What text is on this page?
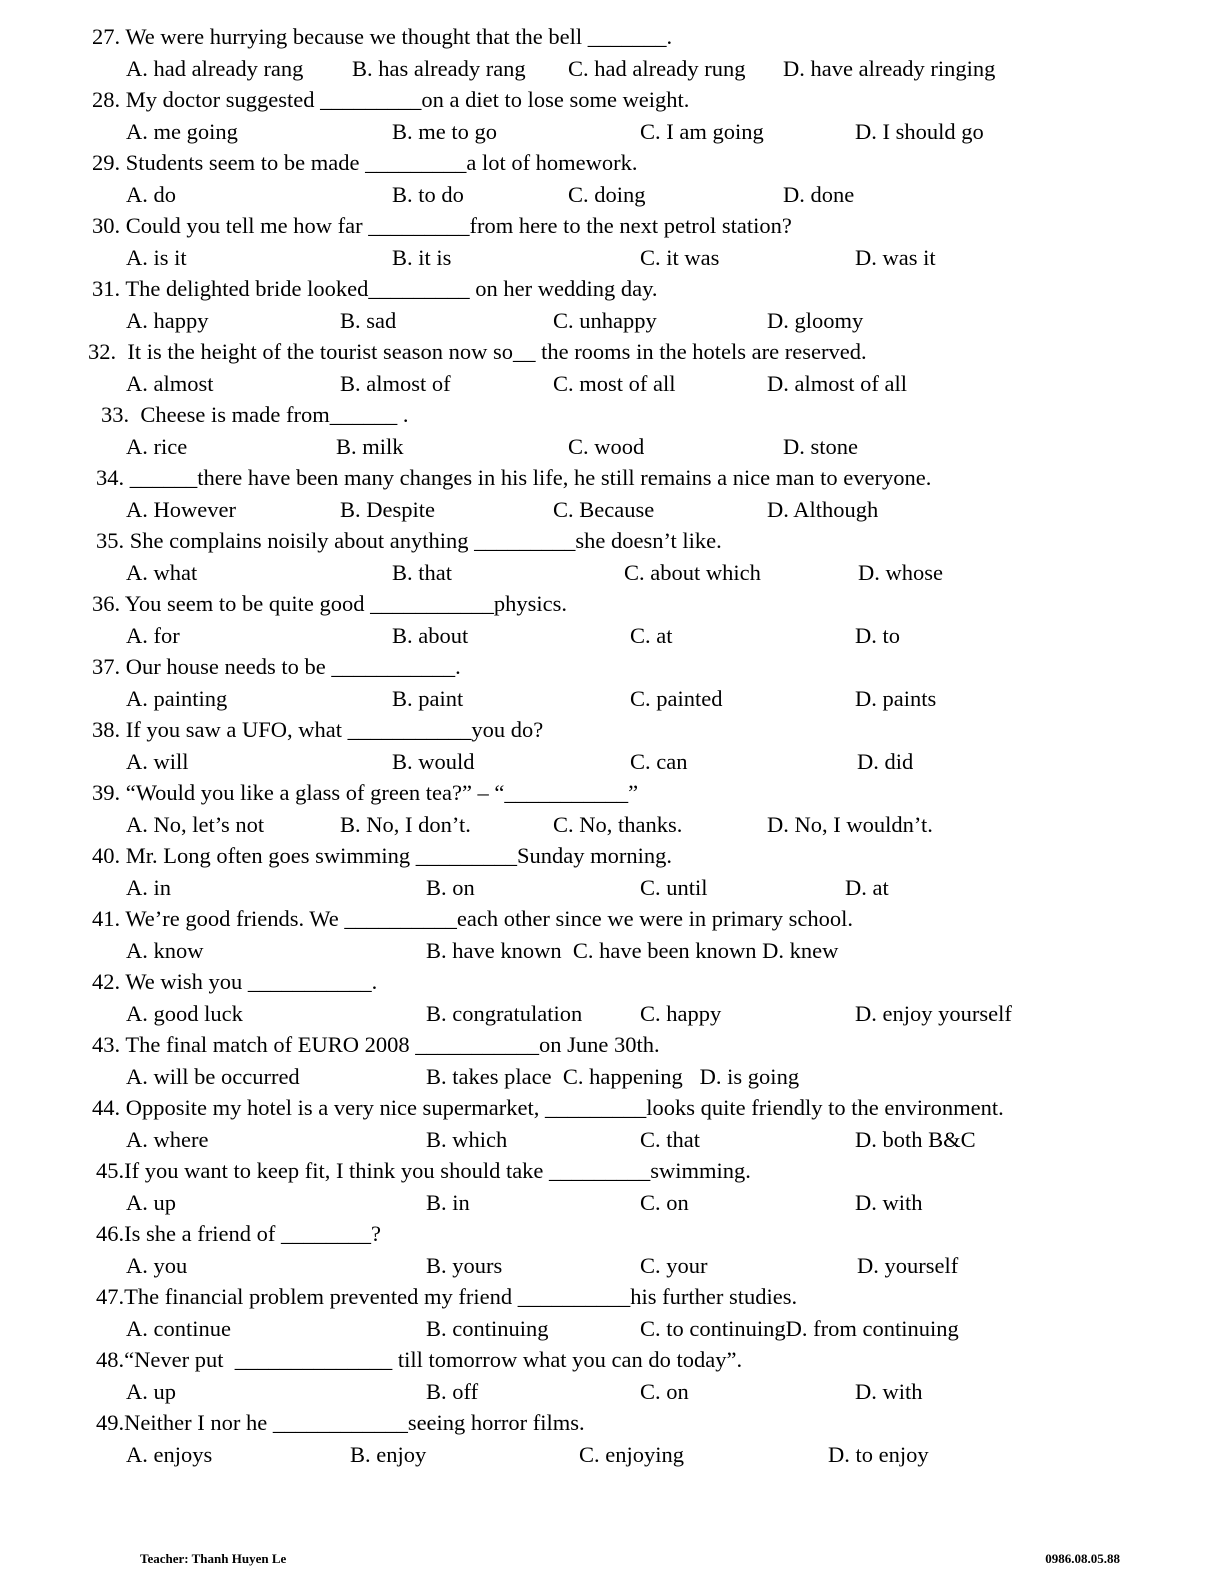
27. We were hurrying because we thought that the bell _______.
A. had already rang B. has already rang C. had already rung D. have already ringing
28. My doctor suggested _________on a diet to lose some weight.
A. me going	B. me to go	C. I am going	D. I should go
29. Students seem to be made _________a lot of homework.
A. do	B. to do	C. doing	D. done
30. Could you tell me how far _________from here to the next petrol station?
A. is it	B. it is	C. it was	D. was it
31. The delighted bride looked_________ on her wedding day.
A. happy	B. sad	C. unhappy	D. gloomy
32.  It is the height of the tourist season now so__ the rooms in the hotels are reserved.
A. almost	B. almost of	C. most of all	D. almost of all
33.  Cheese is made from______ .
A. rice	B. milk	C. wood	D. stone
34. ______there have been many changes in his life, he still remains a nice man to everyone.
A. However	B. Despite	C. Because	D. Although
35. She complains noisily about anything _________she doesn’t like.
A. what	B. that	C. about which	D. whose
36. You seem to be quite good ___________physics.
A. for	B. about	C. at	D. to
37. Our house needs to be ___________.
A. painting	B. paint	C. painted	D. paints
38. If you saw a UFO, what ___________you do?
A. will	B. would	C. can	D. did
39. “Would you like a glass of green tea?” – “___________”
A. No, let’s not	B. No, I don’t.	C. No, thanks.	D. No, I wouldn’t.
40. Mr. Long often goes swimming _________Sunday morning.
A. in	B. on	C. until	D. at
41. We’re good friends. We __________each other since we were in primary school.
A. know	B. have known  C. have been known D. knew
42. We wish you ___________.
A. good luck	B. congratulation	C. happy	D. enjoy yourself
43. The final match of EURO 2008 ___________on June 30th.
A. will be occurred	B. takes place  C. happening   D. is going
44. Opposite my hotel is a very nice supermarket, _________looks quite friendly to the environment.
A. where	B. which	C. that	D. both B&C
45.If you want to keep fit, I think you should take _________swimming.
A. up	B. in	C. on	D. with
46.Is she a friend of ________?
A. you	B. yours	C. your	D. yourself
47.The financial problem prevented my friend __________his further studies.
A. continue	B. continuing	C. to continuingD. from continuing
48.“Never put  ______________ till tomorrow what you can do today”.
A. up	B. off	C. on	D. with
49.Neither I nor he ____________seeing horror films.
A. enjoys	B. enjoy	C. enjoying	D. to enjoy
Teacher: Thanh Huyen Le	0986.08.05.88
